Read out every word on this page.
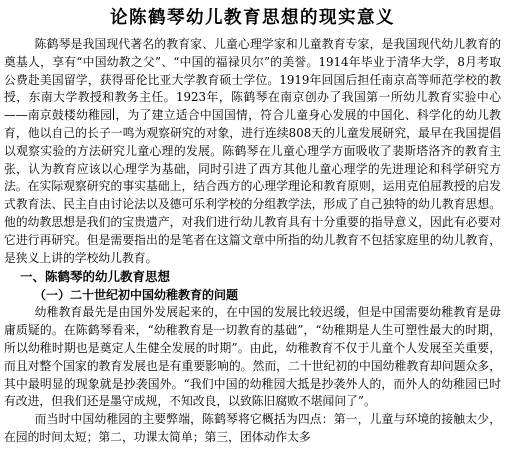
论陈鹤琴幼儿教育思想的现实意义

陈鹤琴是我国现代著名的教育家、儿童心理学家和儿童教育专家，是我国现代幼儿教育的奠基人，享有“中国幼教之父”、“中国的福禄贝尔”的美誉。1914年毕业于清华大学，8月考取公费赴美国留学，获得哥伦比亚大学教育硕士学位。1919年回国后担任南京高等师范学校的教授，东南大学教授和教务主任。1923年，陈鹤琴在南京创办了我国第一所幼儿教育实验中心——南京鼓楼幼稚园 ，为了建立适合中国国情，符合儿童身心发展的中国化、科学化的幼儿教育，他以自己的长子一鸣为观察研究的对象，进行连续808天的儿童发展研究，最早在我国提倡以观察实验的方法研究儿童心理的发展。陈鹤琴在儿童心理学方面吸收了裴斯塔洛齐的教育主张，认为教育应该以心理学为基础，同时引进了西方其他儿童心理学的先进理论和科学研究方法。在实际观察研究的事实基础上，结合西方的心理学理论和教育原则，运用克伯屈教授的启发式教育法、民主自由讨论法以及德可乐利学校的分组教学法，形成了自己独特的幼儿教育思想。他的幼教思想是我们的宝贵遗产，对我们进行幼儿教育具有十分重要的指导意义，因此有必要对它进行再研究。但是需要指出的是笔者在这篇文章中所指的幼儿教育不包括家庭里的幼儿教育，是狭义上讲的学校幼儿教育。

一、陈鹤琴的幼儿教育思想
（一）二十世纪初中国幼稚教育的问题

幼稚教育最先是由国外发展起来的，在中国的发展比较迟缓，但是中国需要幼稚教育是毋庸质疑的。在陈鹤琴看来，“幼稚教育是一切教育的基础”，“幼稚期是人生可塑性最大的时期，所以幼稚时期也是奠定人生健全发展的时期”。由此，幼稚教育不仅于儿童个人发展至关重要，而且对整个国家的教育发展也是有重要影响的。然而，二十世纪初的中国幼稚教育却问题众多，其中最明显的现象就是抄袭国外。“我们中国的幼稚园大抵是抄袭外人的，而外人的幼稚园已时有改进，但我们还是墨守成规，不知改良，以致陈旧腐败不堪闻问了”。

而当时中国幼稚园的主要弊端，陈鹤琴将它概括为四点：第一，儿童与环境的接触太少，在园的时间太短；第二，功课太简单；第三，团体动作太多
